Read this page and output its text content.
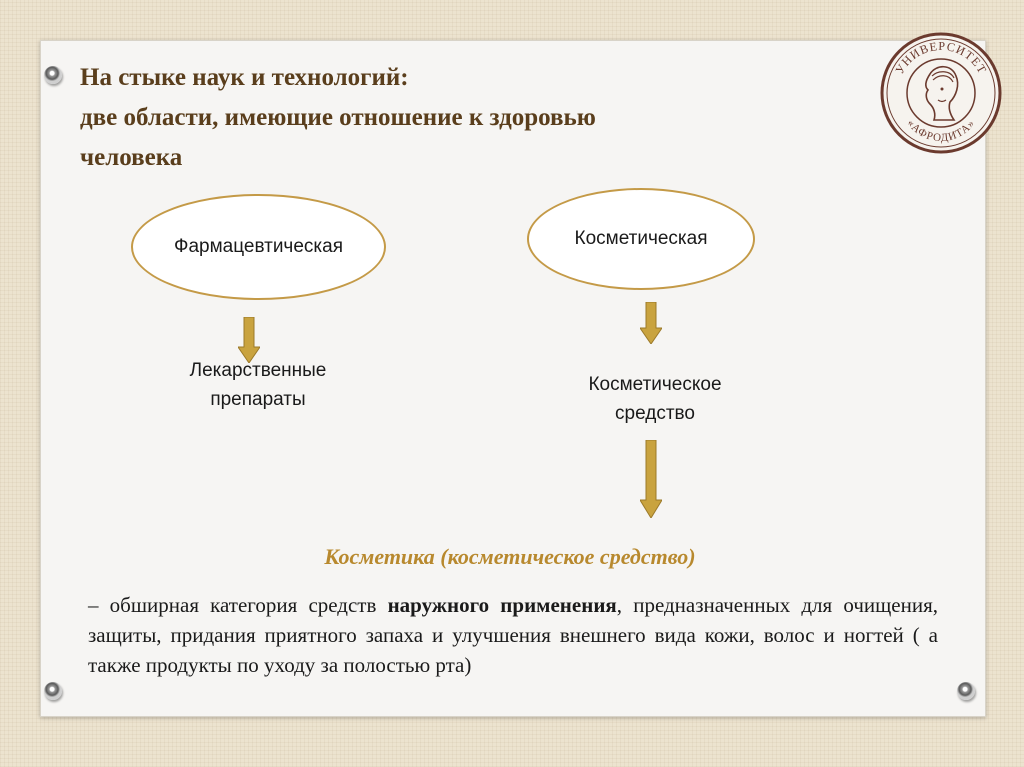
На стыке наук и технологий:
две области, имеющие отношение к здоровью
человека
УНИВЕРСИТЕТ
«АФРОДИТА»
Фармацевтическая	Косметическая
Лекарственные
препараты
Косметическое
средство
Косметика (косметическое средство)
– обширная категория средств наружного применения, предназначенных для очищения, защиты, придания приятного запаха и улучшения внешнего вида кожи, волос и ногтей ( а также продукты по уходу за полостью рта)
